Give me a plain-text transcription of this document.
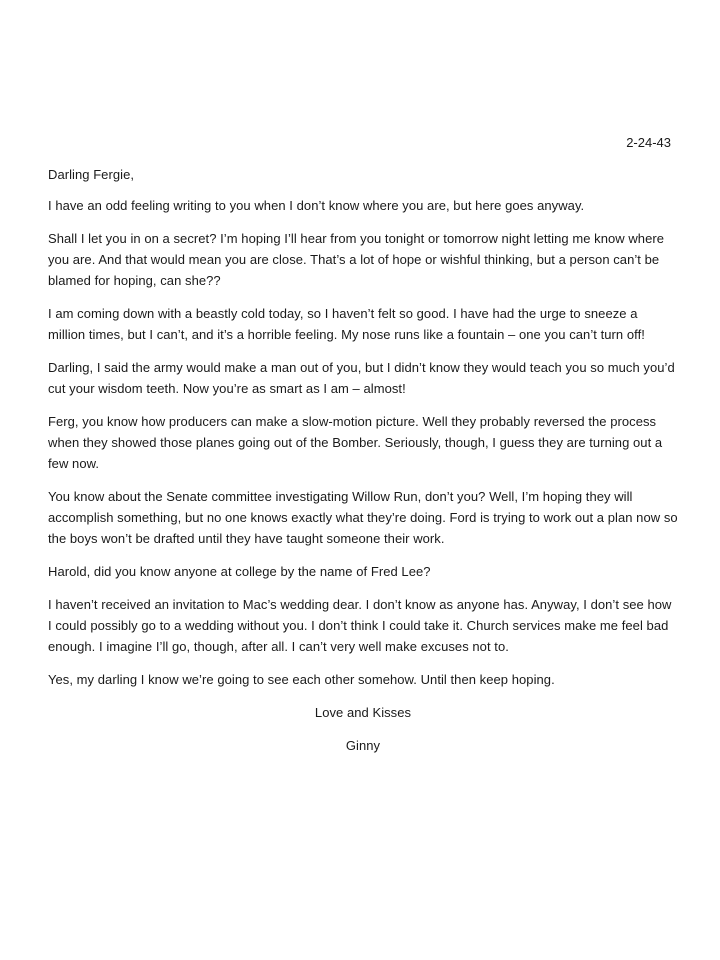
2-24-43

Darling Fergie,

I have an odd feeling writing to you when I don’t know where you are, but here goes anyway.

Shall I let you in on a secret? I’m hoping I’ll hear from you tonight or tomorrow night letting me know where you are. And that would mean you are close. That’s a lot of hope or wishful thinking, but a person can’t be blamed for hoping, can she??

I am coming down with a beastly cold today, so I haven’t felt so good. I have had the urge to sneeze a million times, but I can’t, and it’s a horrible feeling. My nose runs like a fountain – one you can’t turn off!

Darling, I said the army would make a man out of you, but I didn’t know they would teach you so much you’d cut your wisdom teeth. Now you’re as smart as I am – almost!

Ferg, you know how producers can make a slow-motion picture. Well they probably reversed the process when they showed those planes going out of the Bomber. Seriously, though, I guess they are turning out a few now.

You know about the Senate committee investigating Willow Run, don’t you? Well, I’m hoping they will accomplish something, but no one knows exactly what they’re doing. Ford is trying to work out a plan now so the boys won’t be drafted until they have taught someone their work.

Harold, did you know anyone at college by the name of Fred Lee?

I haven’t received an invitation to Mac’s wedding dear. I don’t know as anyone has. Anyway, I don’t see how I could possibly go to a wedding without you. I don’t think I could take it. Church services make me feel bad enough. I imagine I’ll go, though, after all. I can’t very well make excuses not to.

Yes, my darling I know we’re going to see each other somehow. Until then keep hoping.

Love and Kisses

Ginny
